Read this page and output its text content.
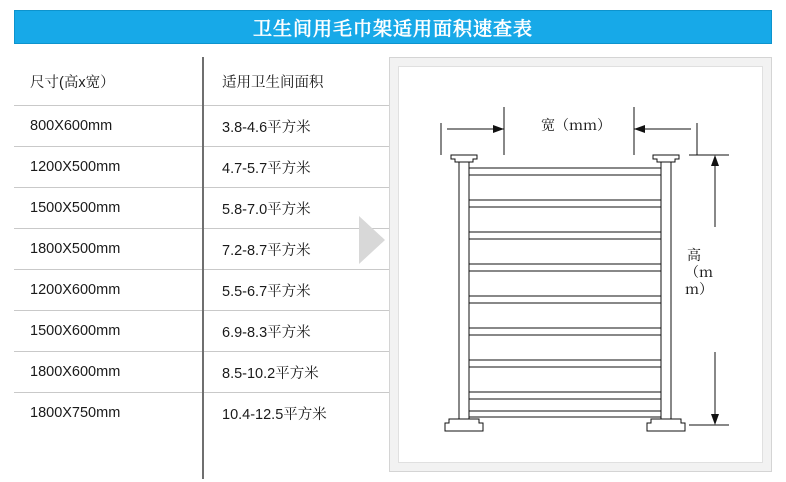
卫生间用毛巾架适用面积速查表
尺寸(高x宽）	适用卫生间面积
800X600mm	3.8-4.6平方米
1200X500mm	4.7-5.7平方米
1500X500mm	5.8-7.0平方米
1800X500mm	7.2-8.7平方米
1200X600mm	5.5-6.7平方米
1500X600mm	6.9-8.3平方米
1800X600mm	8.5-10.2平方米
1800X750mm	10.4-12.5平方米

宽（ｍｍ）
高（ｍｍ）
